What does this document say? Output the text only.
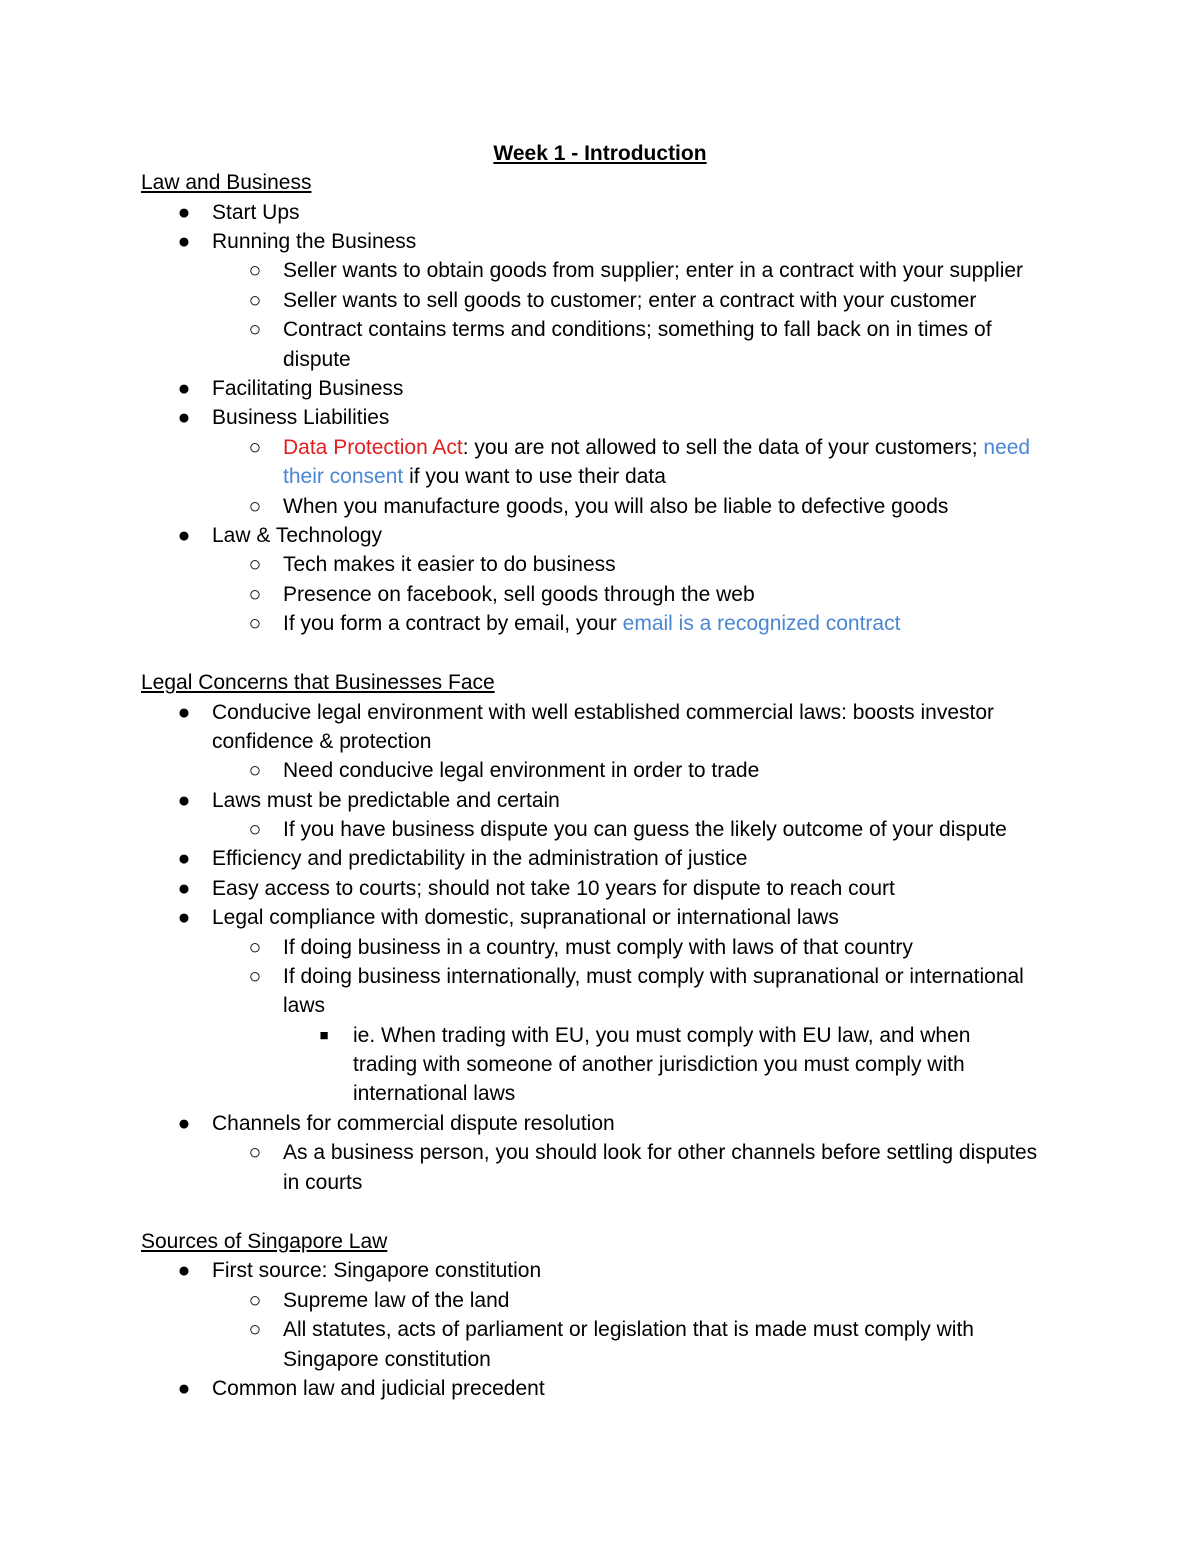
Week 1 - Introduction
Law and Business
● Start Ups
● Running the Business
○ Seller wants to obtain goods from supplier; enter in a contract with your supplier
○ Seller wants to sell goods to customer; enter a contract with your customer
○ Contract contains terms and conditions; something to fall back on in times of
dispute
● Facilitating Business
● Business Liabilities
○ Data Protection Act: you are not allowed to sell the data of your customers; need
their consent if you want to use their data
○ When you manufacture goods, you will also be liable to defective goods
● Law & Technology
○ Tech makes it easier to do business
○ Presence on facebook, sell goods through the web
○ If you form a contract by email, your email is a recognized contract
Legal Concerns that Businesses Face
● Conducive legal environment with well established commercial laws: boosts investor
confidence & protection
○ Need conducive legal environment in order to trade
● Laws must be predictable and certain
○ If you have business dispute you can guess the likely outcome of your dispute
● Efficiency and predictability in the administration of justice
● Easy access to courts; should not take 10 years for dispute to reach court
● Legal compliance with domestic, supranational or international laws
○ If doing business in a country, must comply with laws of that country
○ If doing business internationally, must comply with supranational or international
laws
■ ie. When trading with EU, you must comply with EU law, and when
trading with someone of another jurisdiction you must comply with
international laws
● Channels for commercial dispute resolution
○ As a business person, you should look for other channels before settling disputes
in courts
Sources of Singapore Law
● First source: Singapore constitution
○ Supreme law of the land
○ All statutes, acts of parliament or legislation that is made must comply with
Singapore constitution
● Common law and judicial precedent
